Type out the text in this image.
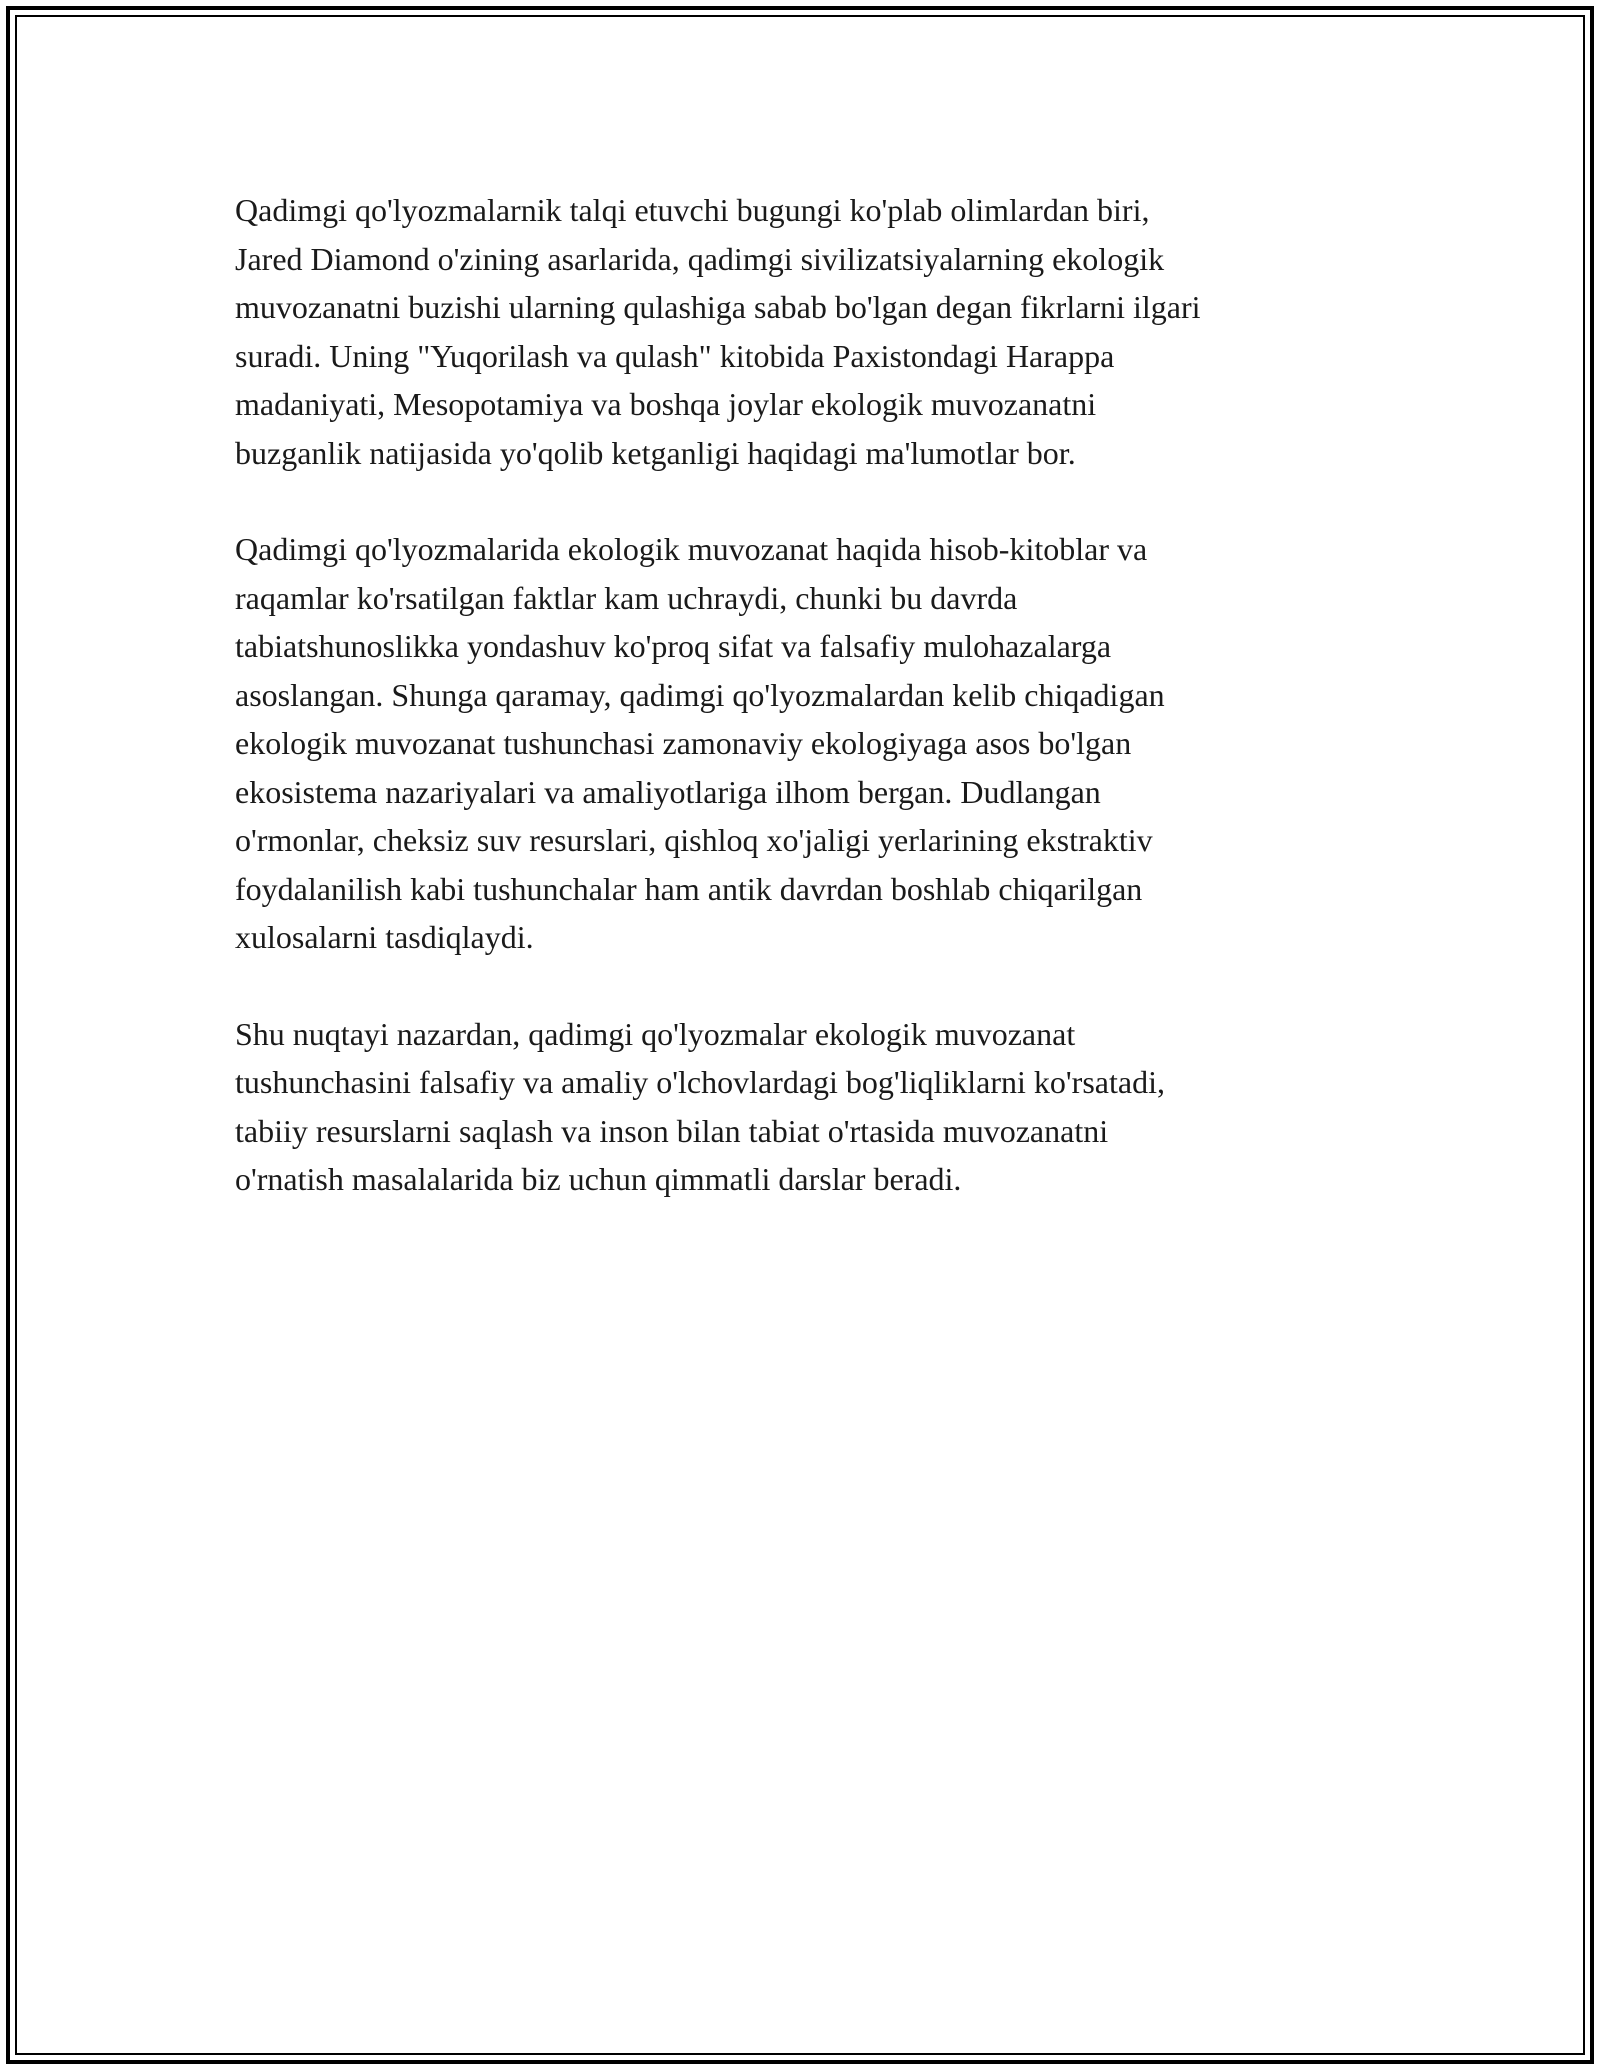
Qadimgi qo'lyozmalarnik talqi etuvchi bugungi ko'plab olimlardan biri,
Jared Diamond o'zining asarlarida, qadimgi sivilizatsiyalarning ekologik
muvozanatni buzishi ularning qulashiga sabab bo'lgan degan fikrlarni ilgari
suradi. Uning "Yuqorilash va qulash" kitobida Paxistondagi Harappa
madaniyati, Mesopotamiya va boshqa joylar ekologik muvozanatni
buzganlik natijasida yo'qolib ketganligi haqidagi ma'lumotlar bor.

Qadimgi qo'lyozmalarida ekologik muvozanat haqida hisob-kitoblar va
raqamlar ko'rsatilgan faktlar kam uchraydi, chunki bu davrda
tabiatshunoslikka yondashuv ko'proq sifat va falsafiy mulohazalarga
asoslangan. Shunga qaramay, qadimgi qo'lyozmalardan kelib chiqadigan
ekologik muvozanat tushunchasi zamonaviy ekologiyaga asos bo'lgan
ekosistema nazariyalari va amaliyotlariga ilhom bergan. Dudlangan
o'rmonlar, cheksiz suv resurslari, qishloq xo'jaligi yerlarining ekstraktiv
foydalanilish kabi tushunchalar ham antik davrdan boshlab chiqarilgan
xulosalarni tasdiqlaydi.

Shu nuqtayi nazardan, qadimgi qo'lyozmalar ekologik muvozanat
tushunchasini falsafiy va amaliy o'lchovlardagi bog'liqliklarni ko'rsatadi,
tabiiy resurslarni saqlash va inson bilan tabiat o'rtasida muvozanatni
o'rnatish masalalarida biz uchun qimmatli darslar beradi.
